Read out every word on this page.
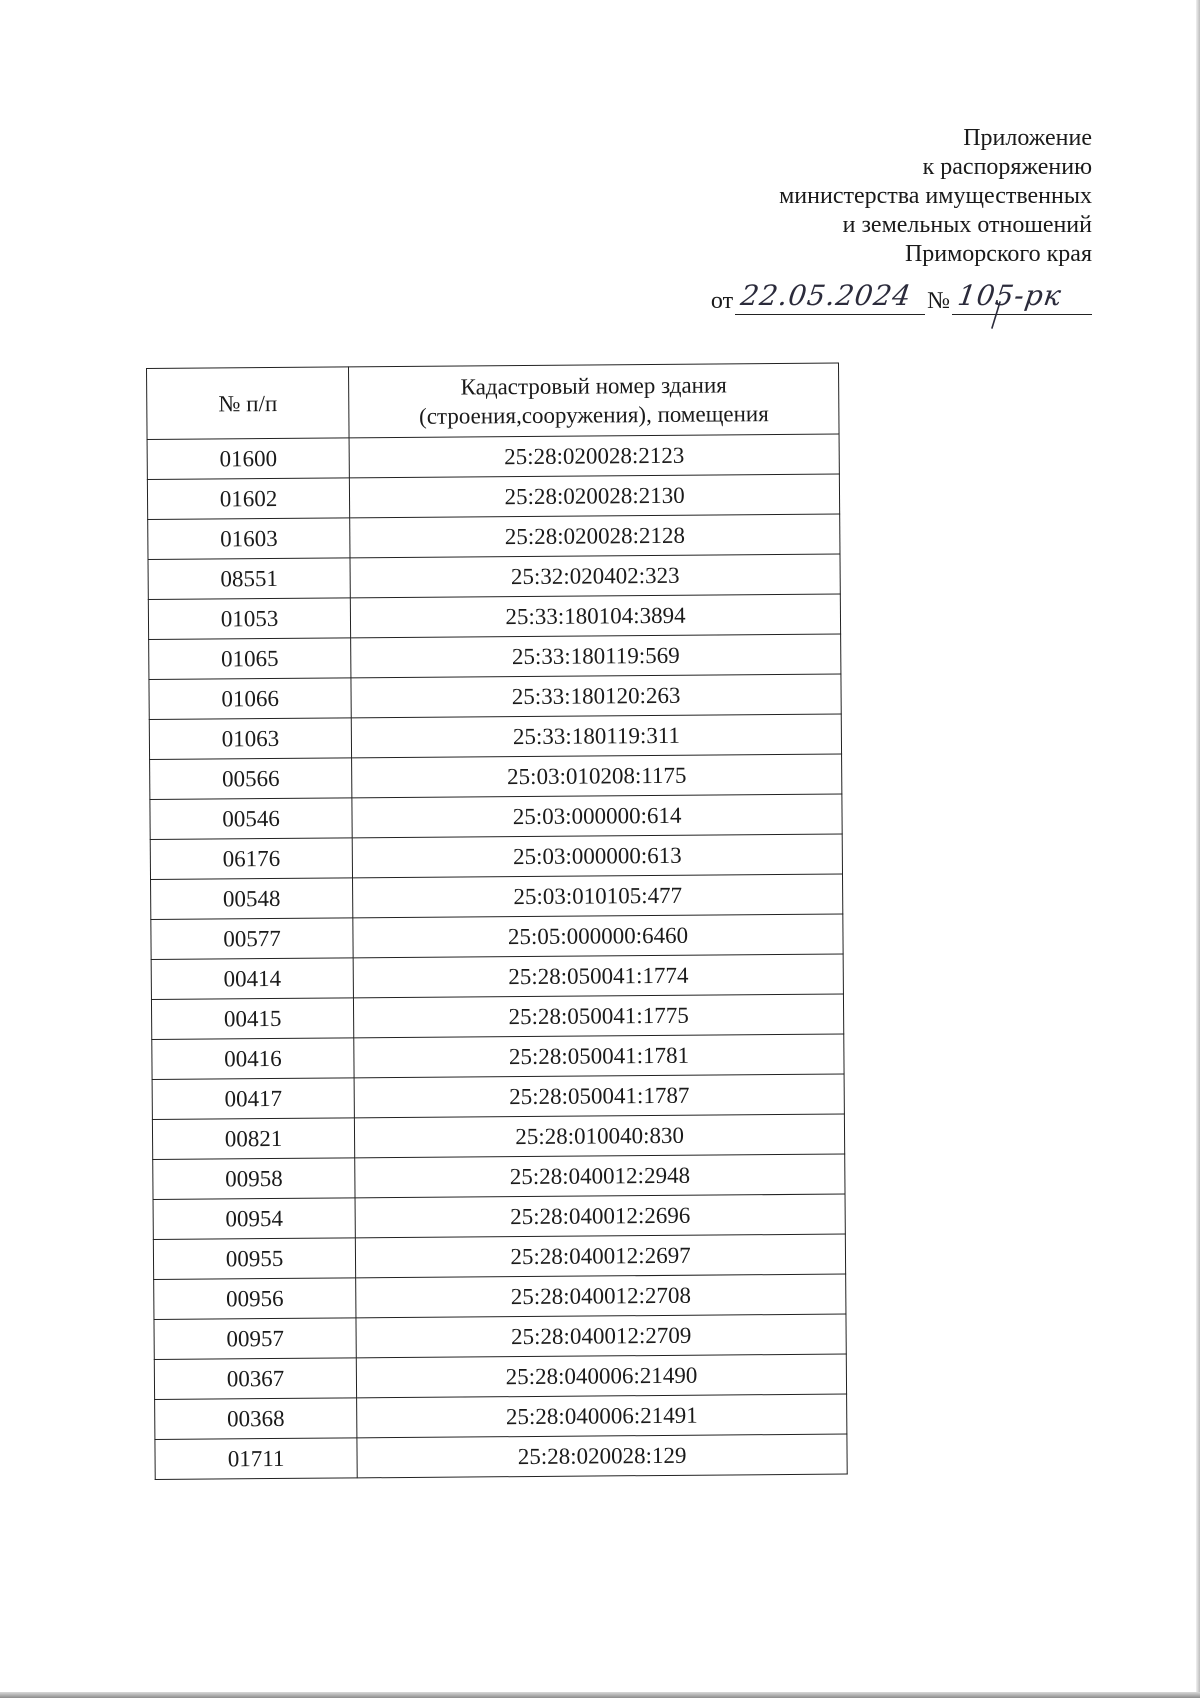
Приложение
к распоряжению
министерства имущественных
и земельных отношений
Приморского края
от 22.05.2024 № 105-рк
№ п/п	Кадастровый номер здания (строения,сооружения), помещения
01600	25:28:020028:2123
01602	25:28:020028:2130
01603	25:28:020028:2128
08551	25:32:020402:323
01053	25:33:180104:3894
01065	25:33:180119:569
01066	25:33:180120:263
01063	25:33:180119:311
00566	25:03:010208:1175
00546	25:03:000000:614
06176	25:03:000000:613
00548	25:03:010105:477
00577	25:05:000000:6460
00414	25:28:050041:1774
00415	25:28:050041:1775
00416	25:28:050041:1781
00417	25:28:050041:1787
00821	25:28:010040:830
00958	25:28:040012:2948
00954	25:28:040012:2696
00955	25:28:040012:2697
00956	25:28:040012:2708
00957	25:28:040012:2709
00367	25:28:040006:21490
00368	25:28:040006:21491
01711	25:28:020028:129
